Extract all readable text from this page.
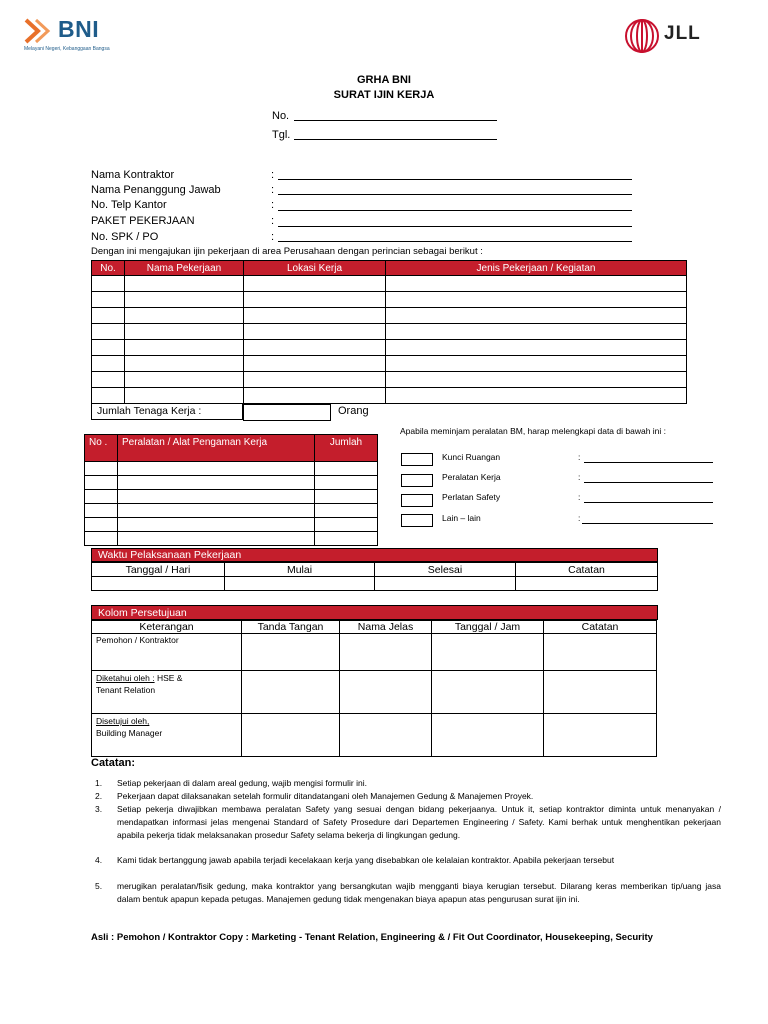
BNI
Melayani Negeri, Kebanggaan Bangsa
JLL
GRHA BNI
SURAT IJIN KERJA
No.
Tgl.
Nama Kontraktor	:
Nama Penanggung Jawab	:
No. Telp Kantor	:
PAKET PEKERJAAN	:
No. SPK / PO	:
Dengan ini mengajukan ijin pekerjaan di area Perusahaan dengan perincian sebagai berikut :
No.	Nama Pekerjaan	Lokasi Kerja	Jenis Pekerjaan / Kegiatan

Jumlah Tenaga Kerja :	Orang
No .	Peralatan / Alat Pengaman Kerja	Jumlah

Apabila meminjam peralatan BM, harap melengkapi data di bawah ini :
Kunci Ruangan	:
Peralatan Kerja	:
Perlatan Safety	:
Lain – lain	:
Waktu Pelaksanaan Pekerjaan
Tanggal / Hari	Mulai	Selesai	Catatan

Kolom Persetujuan
Keterangan	Tanda Tangan	Nama Jelas	Tanggal / Jam	Catatan
Pemohon / Kontraktor				
Diketahui oleh : HSE &
Tenant Relation				
Disetujui oleh,
Building Manager				
Catatan:
1. Setiap pekerjaan di dalam areal gedung, wajib mengisi formulir ini.
2. Pekerjaan dapat dilaksanakan setelah formulir ditandatangani oleh Manajemen Gedung & Manajemen Proyek.
3. Setiap pekerja diwajibkan membawa peralatan Safety yang sesuai dengan bidang pekerjaanya. Untuk it, setiap kontraktor diminta untuk menanyakan / mendapatkan informasi jelas mengenai Standard of Safety Prosedure dari Departemen Engineering / Safety. Kami berhak untuk menghentikan pekerjaan apabila pekerja tidak melaksanakan prosedur Safety selama bekerja di lingkungan gedung.
4. Kami tidak bertanggung jawab apabila terjadi kecelakaan kerja yang disebabkan ole kelalaian kontraktor. Apabila pekerjaan tersebut
5. merugikan peralatan/fisik gedung, maka kontraktor yang bersangkutan wajib mengganti biaya kerugian tersebut. Dilarang keras memberikan tip/uang jasa dalam bentuk apapun kepada petugas. Manajemen gedung tidak mengenakan biaya apapun atas pengurusan surat ijin ini.
Asli : Pemohon / Kontraktor Copy : Marketing - Tenant Relation, Engineering & / Fit Out Coordinator, Housekeeping, Security
